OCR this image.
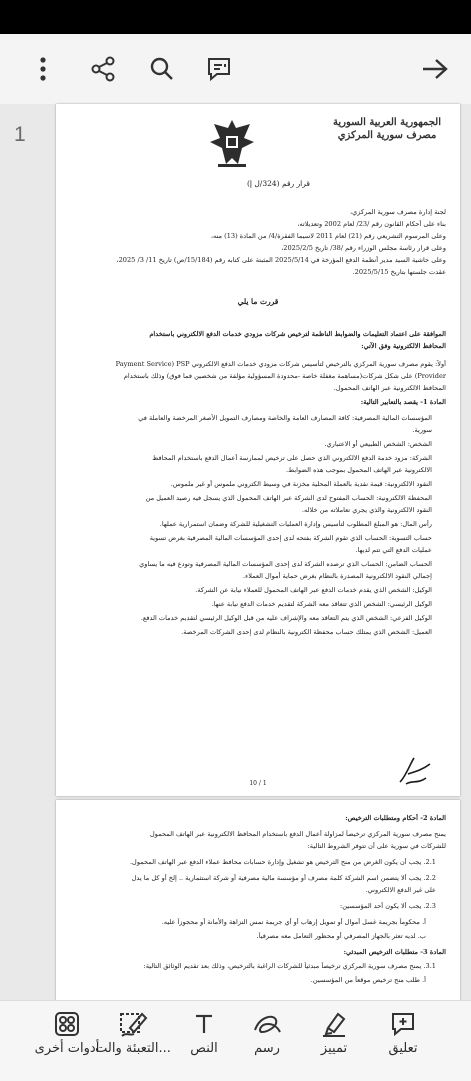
1
الجمهورية العربية السورية
مصرف سورية المركزي
قرار رقم (324/ل إ)
لجنة إدارة مصرف سورية المركزي،
بناء على أحكام القانون رقم /23/ لعام 2002 وتعديلاته،
وعلى المرسوم التشريعي رقم (21) لعام 2011 لاسيما الفقرة/4/ من المادة (13) منه،
وعلى قرار رئاسة مجلس الوزراء رقم /38/ تاريخ 2025/2/5،
وعلى حاشية السيد مدير أنظمة الدفع المؤرخة في 2025/5/14 المثبتة على كتابه رقم (15/184/ص) تاريخ 11/ 3/ 2025،
عقدت جلستها بتاريخ 2025/5/15.
قررت ما يلي
الموافقة على اعتماد التعليمات والضوابط الناظمة لترخيص شركات مزودي خدمات الدفع الالكتروني باستخدام
المحافظ الالكترونية وفق الآتي:
أولاً: يقوم مصرف سورية المركزي بالترخيص لتأسيس شركات مزودي خدمات الدفع الالكتروني Payment Service) PSP
Provider) على شكل شركات(مساهمة مغفلة خاصة -محدودة المسؤولية مؤلفة من شخصين فما فوق) وذلك باستخدام
المحافظ الالكترونية عبر الهاتف المحمول.
المادة 1- يقصد بالتعابير التالية:
المؤسسات المالية المصرفية: كافة المصارف العامة والخاصة ومصارف التمويل الأصغر المرخصة والعاملة في
سورية.
الشخص: الشخص الطبيعي أو الاعتباري.
الشركة: مزود خدمة الدفع الالكتروني الذي حصل على ترخيص لممارسة أعمال الدفع باستخدام المحافظ
الالكترونية عبر الهاتف المحمول بموجب هذه الضوابط.
النقود الالكترونية: قيمة نقدية بالعملة المحلية مخزنة في وسيط الكتروني ملموس أو غير ملموس.
المحفظة الالكترونية: الحساب المفتوح لدى الشركة عبر الهاتف المحمول الذي يسجل فيه رصيد العميل من
النقود الالكترونية والذي يجري تعاملاته من خلاله.
رأس المال: هو المبلغ المطلوب لتأسيس وإدارة العمليات التشغيلية للشركة وضمان استمرارية عملها.
حساب التسوية: الحساب الذي تقوم الشركة بفتحه لدى إحدى المؤسسات المالية المصرفية بغرض تسوية
عمليات الدفع التي تتم لديها.
الحساب الضامن: الحساب الذي ترصده الشركة لدى إحدى المؤسسات المالية المصرفية وتودع فيه ما يساوي
إجمالي النقود الالكترونية المصدرة بالنظام بغرض حماية أموال العملاء.
الوكيل: الشخص الذي يقدم خدمات الدفع عبر الهاتف المحمول للعملاء نيابة عن الشركة.
الوكيل الرئيسي: الشخص الذي تتعاقد معه الشركة لتقديم خدمات الدفع نيابة عنها.
الوكيل الفرعي: الشخص الذي يتم التعاقد معه والإشراف عليه من قبل الوكيل الرئيسي لتقديم خدمات الدفع.
العميل: الشخص الذي يمتلك حساب محفظة الكترونية بالنظام لدى إحدى الشركات المرخصة.
10 / 1
المادة 2- أحكام ومتطلبات الترخيص:
يمنح مصرف سورية المركزي ترخيصاً لمزاولة أعمال الدفع باستخدام المحافظ الالكترونية عبر الهاتف المحمول
للشركات في سورية على أن تتوفر الشروط التالية:
2.1. يجب أن يكون الغرض من منح الترخيص هو تشغيل وإدارة حسابات محافظ عملاء الدفع عبر الهاتف المحمول.
2.2. يجب ألا يتضمن اسم الشركة كلمة مصرف أو مؤسسة مالية مصرفية أو شركة استثمارية .. إلخ أو كل ما يدل
على غير الدفع الالكتروني.
2.3. يجب ألا يكون أحد المؤسسين:
أ. محكوماً بجريمة غسل أموال أو تمويل إرهاب أو أي جريمة تمس النزاهة والأمانة أو محجوزاً عليه.
ب. لديه تعثر بالجهاز المصرفي أو محظور التعامل معه مصرفياً.
المادة 3- متطلبات الترخيص المبدئي:
3.1. يمنح مصرف سورية المركزي ترخيصاً مبدئياً للشركات الراغبة بالترخيص، وذلك بعد تقديم الوثائق التالية:
أ. طلب منح ترخيص موقعاً من المؤسسين.
تعليق
تمييز
رسم
النص
التعبئة والت...
أدوات أخرى
